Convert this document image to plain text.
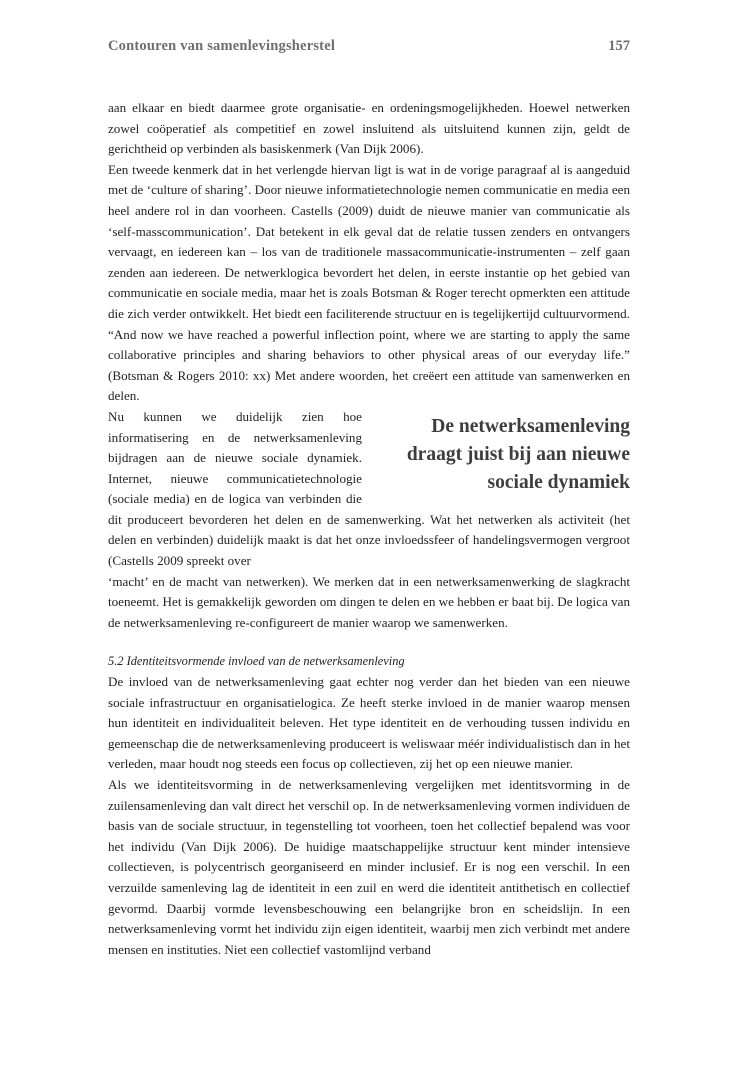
Contouren van samenlevingsherstel	157

aan elkaar en biedt daarmee grote organisatie- en ordeningsmogelijkheden. Hoewel netwerken zowel coöperatief als competitief en zowel insluitend als uitsluitend kunnen zijn, geldt de gerichtheid op verbinden als basiskenmerk (Van Dijk 2006).

Een tweede kenmerk dat in het verlengde hiervan ligt is wat in de vorige paragraaf al is aangeduid met de ‘culture of sharing’. Door nieuwe informatietechnologie nemen communicatie en media een heel andere rol in dan voorheen. Castells (2009) duidt de nieuwe manier van communicatie als ‘self-masscommunication’. Dat betekent in elk geval dat de relatie tussen zenders en ontvangers vervaagt, en iedereen kan – los van de traditionele massacommunicatie-instrumenten – zelf gaan zenden aan iedereen. De netwerklogica bevordert het delen, in eerste instantie op het gebied van communicatie en sociale media, maar het is zoals Botsman & Roger terecht opmerkten een attitude die zich verder ontwikkelt. Het biedt een faciliterende structuur en is tegelijkertijd cultuurvormend. “And now we have reached a powerful inflection point, where we are starting to apply the same collaborative principles and sharing behaviors to other physical areas of our everyday life.” (Botsman & Rogers 2010: xx) Met andere woorden, het creëert een attitude van samenwerken en delen.

De netwerksamenleving draagt juist bij aan nieuwe sociale dynamiek

Nu kunnen we duidelijk zien hoe informatisering en de netwerksamenleving bijdragen aan de nieuwe sociale dynamiek. Internet, nieuwe communicatietechnologie (sociale media) en de logica van verbinden die dit produceert bevorderen het delen en de samenwerking. Wat het netwerken als activiteit (het delen en verbinden) duidelijk maakt is dat het onze invloedssfeer of handelingsvermogen vergroot (Castells 2009 spreekt over

‘macht’ en de macht van netwerken). We merken dat in een netwerksamenwerking de slagkracht toeneemt. Het is gemakkelijk geworden om dingen te delen en we hebben er baat bij. De logica van de netwerksamenleving re-configureert de manier waarop we samenwerken.

5.2 Identiteitsvormende invloed van de netwerksamenleving

De invloed van de netwerksamenleving gaat echter nog verder dan het bieden van een nieuwe sociale infrastructuur en organisatielogica. Ze heeft sterke invloed in de manier waarop mensen hun identiteit en individualiteit beleven. Het type identiteit en de verhouding tussen individu en gemeenschap die de netwerksamenleving produceert is weliswaar méér individualistisch dan in het verleden, maar houdt nog steeds een focus op collectieven, zij het op een nieuwe manier.

Als we identiteitsvorming in de netwerksamenleving vergelijken met identitsvorming in de zuilensamenleving dan valt direct het verschil op. In de netwerksamenleving vormen individuen de basis van de sociale structuur, in tegenstelling tot voorheen, toen het collectief bepalend was voor het individu (Van Dijk 2006). De huidige maatschappelijke structuur kent minder intensieve collectieven, is polycentrisch georganiseerd en minder inclusief. Er is nog een verschil. In een verzuilde samenleving lag de identiteit in een zuil en werd die identiteit antithetisch en collectief gevormd. Daarbij vormde levensbeschouwing een belangrijke bron en scheidslijn. In een netwerksamenleving vormt het individu zijn eigen identiteit, waarbij men zich verbindt met andere mensen en instituties. Niet een collectief vastomlijnd verband
